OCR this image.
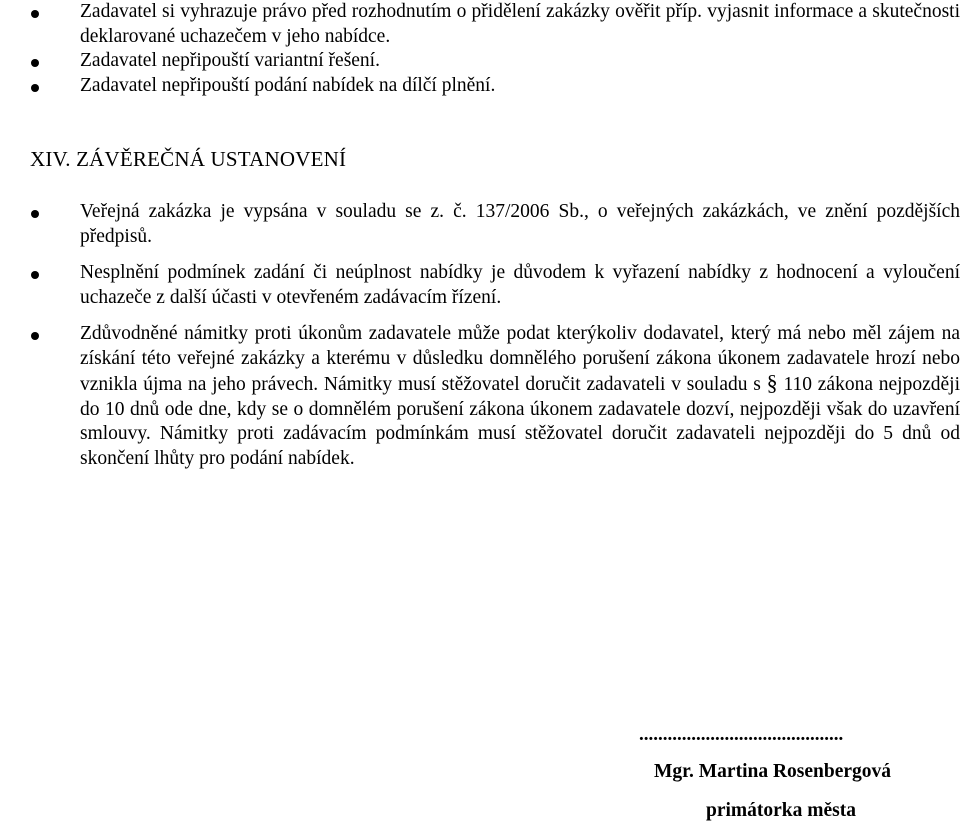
Zadavatel si vyhrazuje právo před rozhodnutím o přidělení zakázky ověřit příp. vyjasnit informace a skutečnosti deklarované uchazečem v jeho nabídce.
Zadavatel nepřipouští variantní řešení.
Zadavatel nepřipouští podání nabídek na dílčí plnění.
XIV. ZÁVĚREČNÁ USTANOVENÍ
Veřejná zakázka je vypsána v souladu se z. č. 137/2006 Sb., o veřejných zakázkách, ve znění pozdějších předpisů.
Nesplnění podmínek zadání či neúplnost nabídky je důvodem k vyřazení nabídky z hodnocení a vyloučení uchazeče z další účasti v otevřeném zadávacím řízení.
Zdůvodněné námitky proti úkonům zadavatele může podat kterýkoliv dodavatel, který má nebo měl zájem na získání této veřejné zakázky a kterému v důsledku domnělého porušení zákona úkonem zadavatele hrozí nebo vznikla újma na jeho právech. Námitky musí stěžovatel doručit zadavateli v souladu s § 110 zákona nejpozději do 10 dnů ode dne, kdy se o domnělém porušení zákona úkonem zadavatele dozví, nejpozději však do uzavření smlouvy. Námitky proti zadávacím podmínkám musí stěžovatel doručit zadavateli nejpozději do 5 dnů od skončení lhůty pro podání nabídek.
...........................................
Mgr. Martina Rosenbergová
primátorka města
